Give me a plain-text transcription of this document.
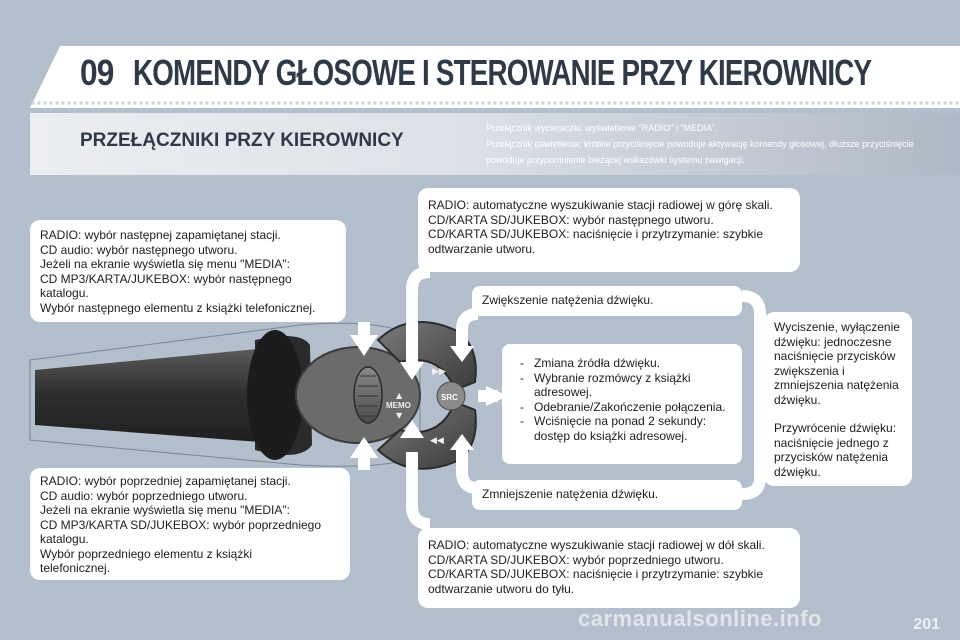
09 KOMENDY GŁOSOWE I STEROWANIE PRZY KIEROWNICY
PRZEŁĄCZNIKI PRZY KIEROWNICY
Przełącznik wycieraczki: wyświetlenie "RADIO" i "MEDIA".
Przełącznik oświetlenia: krótkie przyciśnięcie powoduje aktywację komendy głosowej, dłuższe przyciśnięcie powoduje przypomnienie bieżącej wskazówki systemu nawigacji.
▲
MEMO
▼
▶▶
◀◀
SRC

RADIO: wybór następnej zapamiętanej stacji.

CD audio: wybór następnego utworu.

Jeżeli na ekranie wyświetla się menu "MEDIA":

CD MP3/KARTA/JUKEBOX: wybór następnego katalogu.

Wybór następnego elementu z książki telefonicznej.

RADIO: wybór poprzedniej zapamiętanej stacji.

CD audio: wybór poprzedniego utworu.

Jeżeli na ekranie wyświetla się menu "MEDIA":

CD MP3/KARTA SD/JUKEBOX: wybór poprzedniego katalogu.

Wybór poprzedniego elementu z książki telefonicznej.

RADIO: automatyczne wyszukiwanie stacji radiowej w górę skali.

CD/KARTA SD/JUKEBOX: wybór następnego utworu.

CD/KARTA SD/JUKEBOX: naciśnięcie i przytrzymanie: szybkie odtwarzanie utworu.

RADIO: automatyczne wyszukiwanie stacji radiowej w dół skali.

CD/KARTA SD/JUKEBOX: wybór poprzedniego utworu.

CD/KARTA SD/JUKEBOX: naciśnięcie i przytrzymanie: szybkie odtwarzanie utworu do tyłu.

Zwiększenie natężenia dźwięku.

Zmniejszenie natężenia dźwięku.

- Zmiana źródła dźwięku.
- Wybranie rozmówcy z książki adresowej.
- Odebranie/Zakończenie połączenia.
- Wciśnięcie na ponad 2 sekundy: dostęp do książki adresowej.

Wyciszenie, wyłączenie dźwięku: jednoczesne naciśnięcie przycisków zwiększenia i zmniejszenia natężenia dźwięku.

Przywrócenie dźwięku: naciśnięcie jednego z przycisków natężenia dźwięku.

carmanualsonline.info	201
